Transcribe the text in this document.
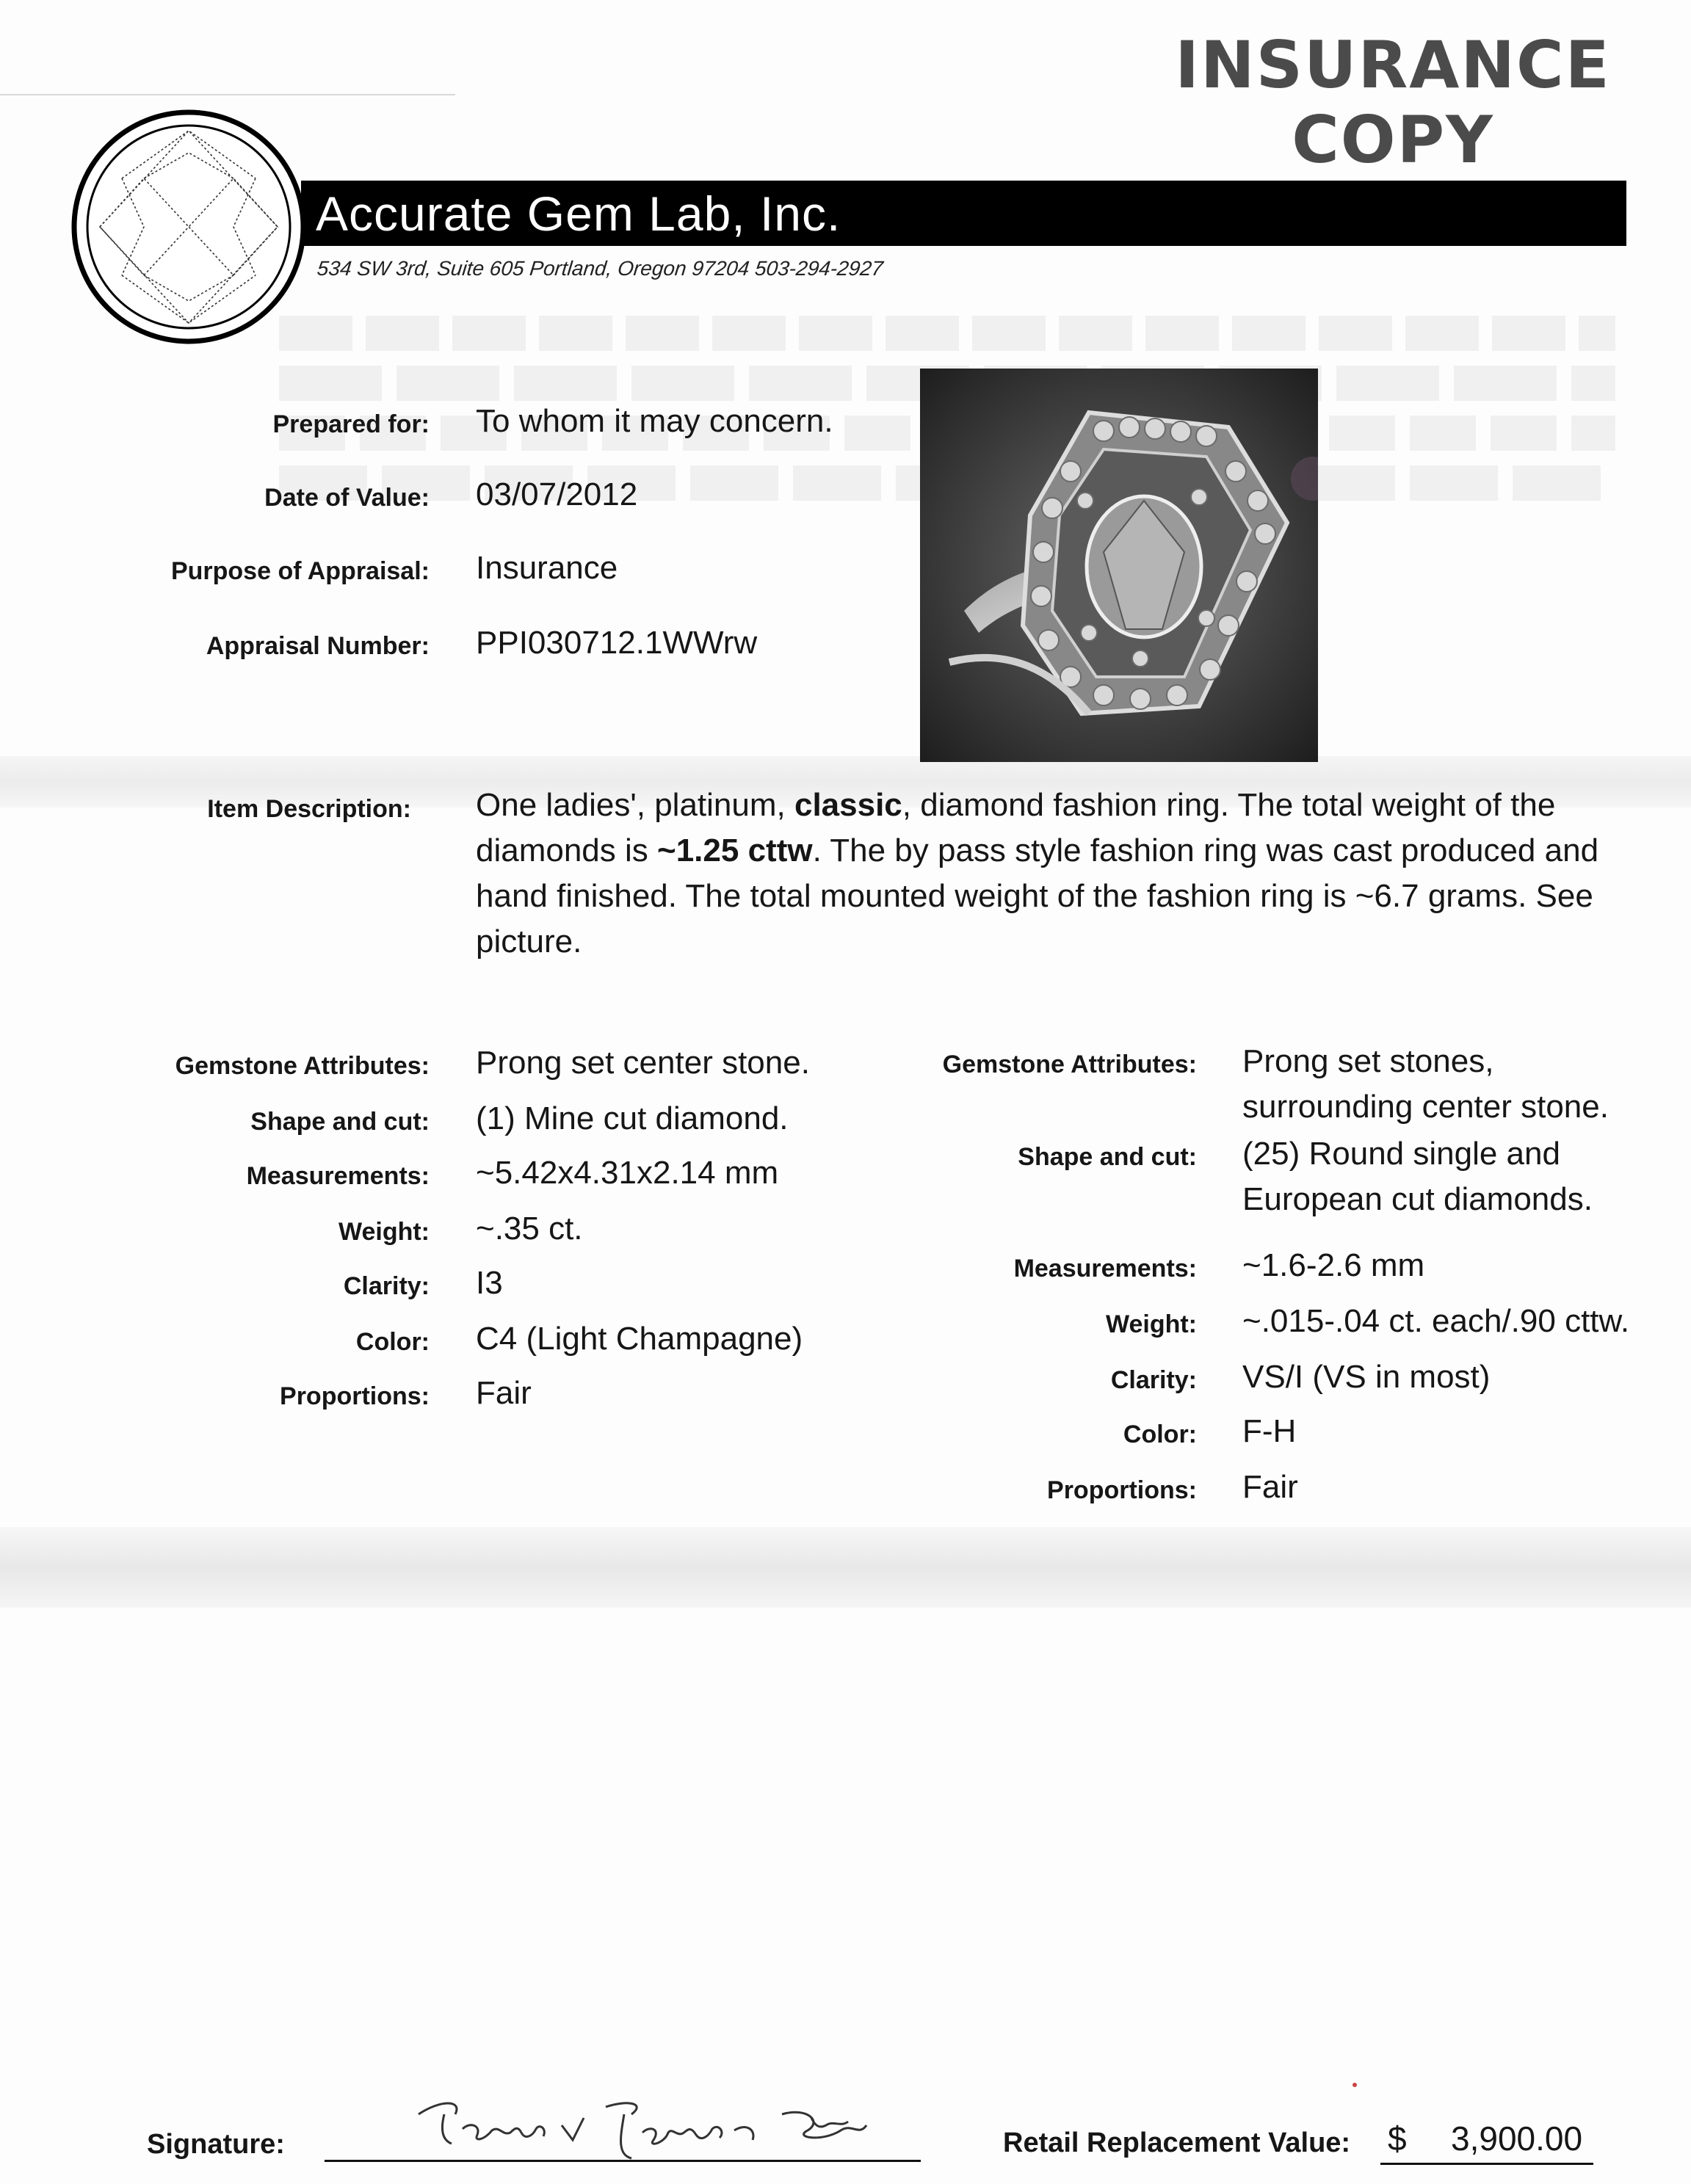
INSURANCE
COPY
Accurate Gem Lab, Inc.
534 SW 3rd, Suite 605 Portland, Oregon 97204 503-294-2927
Prepared for: To whom it may concern.
Date of Value: 03/07/2012
Purpose of Appraisal: Insurance
Appraisal Number: PPI030712.1WWrw
Item Description: One ladies', platinum, classic, diamond fashion ring. The total weight of the diamonds is ~1.25 cttw. The by pass style fashion ring was cast produced and hand finished. The total mounted weight of the fashion ring is ~6.7 grams. See picture.
Gemstone Attributes: Prong set center stone.
Shape and cut: (1) Mine cut diamond.
Measurements: ~5.42x4.31x2.14 mm
Weight: ~.35 ct.
Clarity: I3
Color: C4 (Light Champagne)
Proportions: Fair
Gemstone Attributes: Prong set stones,
surrounding center stone.
Shape and cut: (25) Round single and
European cut diamonds.
Measurements: ~1.6-2.6 mm
Weight: ~.015-.04 ct. each/.90 cttw.
Clarity: VS/I (VS in most)
Color: F-H
Proportions: Fair
Signature:	Retail Replacement Value: $ 3,900.00
